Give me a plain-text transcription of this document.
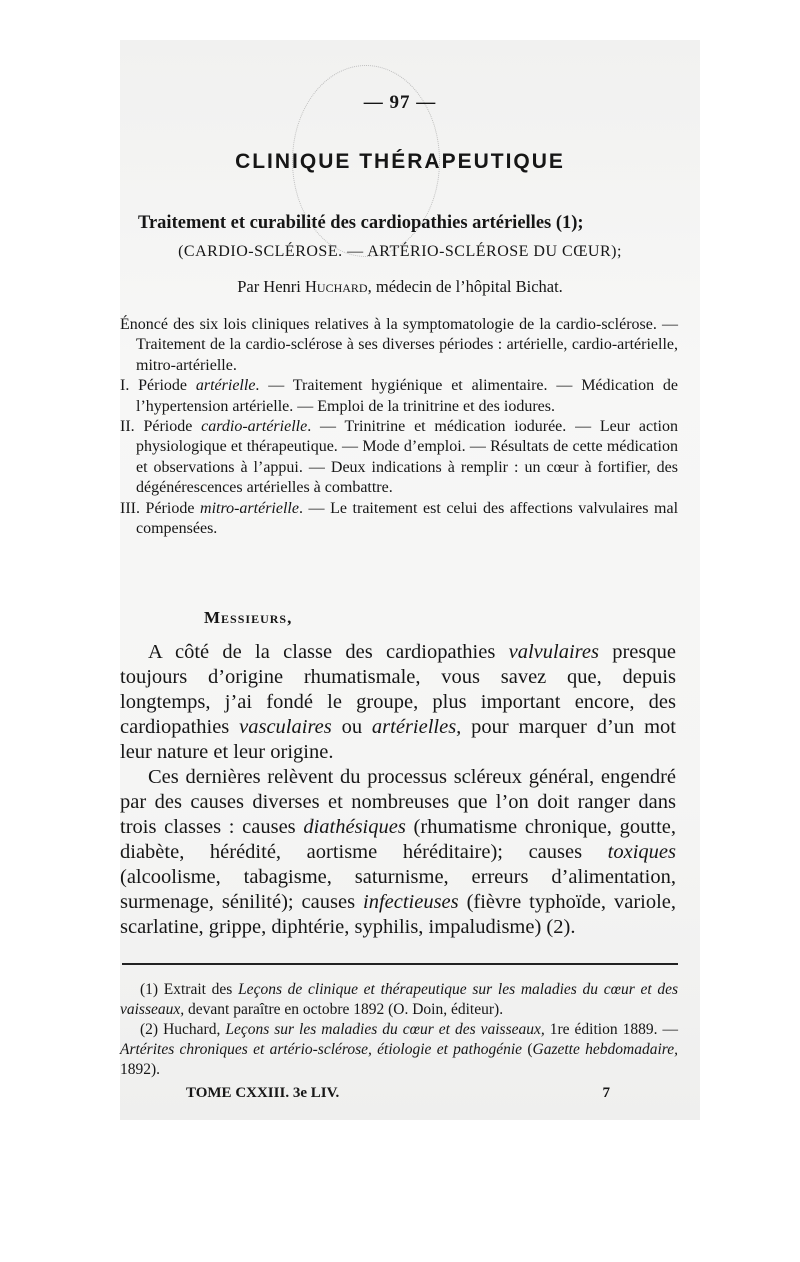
— 97 —
CLINIQUE THÉRAPEUTIQUE
Traitement et curabilité des cardiopathies artérielles (1);
(CARDIO-SCLÉROSE. — ARTÉRIO-SCLÉROSE DU CŒUR);
Par Henri Huchard, médecin de l’hôpital Bichat.

Énoncé des six lois cliniques relatives à la symptomatologie de la cardio-sclérose. — Traitement de la cardio-sclérose à ses diverses périodes : artérielle, cardio-artérielle, mitro-artérielle.

I. Période artérielle. — Traitement hygiénique et alimentaire. — Médication de l’hypertension artérielle. — Emploi de la trinitrine et des iodures.

II. Période cardio-artérielle. — Trinitrine et médication iodurée. — Leur action physiologique et thérapeutique. — Mode d’emploi. — Résultats de cette médication et observations à l’appui. — Deux indications à remplir : un cœur à fortifier, des dégénérescences artérielles à combattre.

III. Période mitro-artérielle. — Le traitement est celui des affections valvulaires mal compensées.

Messieurs,

A côté de la classe des cardiopathies valvulaires presque toujours d’origine rhumatismale, vous savez que, depuis longtemps, j’ai fondé le groupe, plus important encore, des cardiopathies vasculaires ou artérielles, pour marquer d’un mot leur nature et leur origine.

Ces dernières relèvent du processus scléreux général, engendré par des causes diverses et nombreuses que l’on doit ranger dans trois classes : causes diathésiques (rhumatisme chronique, goutte, diabète, hérédité, aortisme héréditaire); causes toxiques (alcoolisme, tabagisme, saturnisme, erreurs d’alimentation, surmenage, sénilité); causes infectieuses (fièvre typhoïde, variole, scarlatine, grippe, diphtérie, syphilis, impaludisme) (2).

(1) Extrait des Leçons de clinique et thérapeutique sur les maladies du cœur et des vaisseaux, devant paraître en octobre 1892 (O. Doin, éditeur).

(2) Huchard, Leçons sur les maladies du cœur et des vaisseaux, 1re édition 1889. — Artérites chroniques et artério-sclérose, étiologie et pathogénie (Gazette hebdomadaire, 1892).

TOME CXXIII. 3e LIV.	7
